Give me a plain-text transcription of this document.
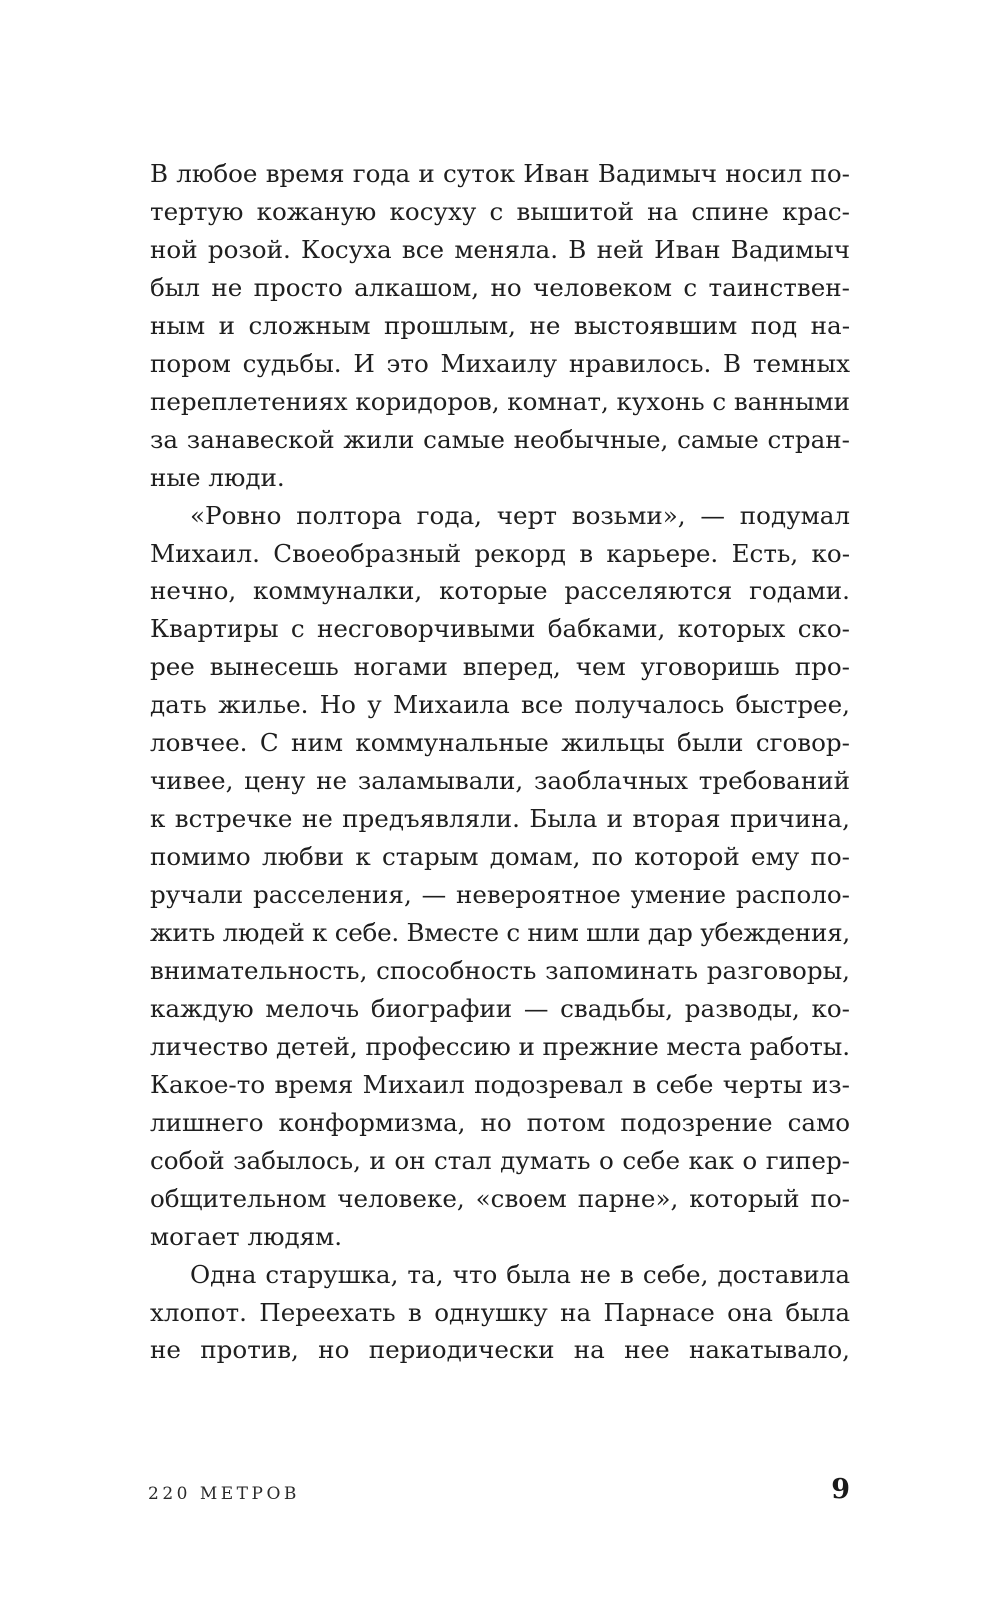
В любое время года и суток Иван Вадимыч носил по-
тертую кожаную косуху с вышитой на спине крас-
ной розой. Косуха все меняла. В ней Иван Вадимыч
был не просто алкашом, но человеком с таинствен-
ным и сложным прошлым, не выстоявшим под на-
пором судьбы. И это Михаилу нравилось. В темных
переплетениях коридоров, комнат, кухонь с ванными
за занавеской жили самые необычные, самые стран-
ные люди.
«Ровно полтора года, черт возьми», — подумал
Михаил. Своеобразный рекорд в карьере. Есть, ко-
нечно, коммуналки, которые расселяются годами.
Квартиры с несговорчивыми бабками, которых ско-
рее вынесешь ногами вперед, чем уговоришь про-
дать жилье. Но у Михаила все получалось быстрее,
ловчее. С ним коммунальные жильцы были сговор-
чивее, цену не заламывали, заоблачных требований
к встречке не предъявляли. Была и вторая причина,
помимо любви к старым домам, по которой ему по-
ручали расселения, — невероятное умение располо-
жить людей к себе. Вместе с ним шли дар убеждения,
внимательность, способность запоминать разговоры,
каждую мелочь биографии — свадьбы, разводы, ко-
личество детей, профессию и прежние места работы.
Какое-то время Михаил подозревал в себе черты из-
лишнего конформизма, но потом подозрение само
собой забылось, и он стал думать о себе как о гипер-
общительном человеке, «своем парне», который по-
могает людям.
Одна старушка, та, что была не в себе, доставила
хлопот. Переехать в однушку на Парнасе она была
не против, но периодически на нее накатывало,
220 МЕТРОВ	9
